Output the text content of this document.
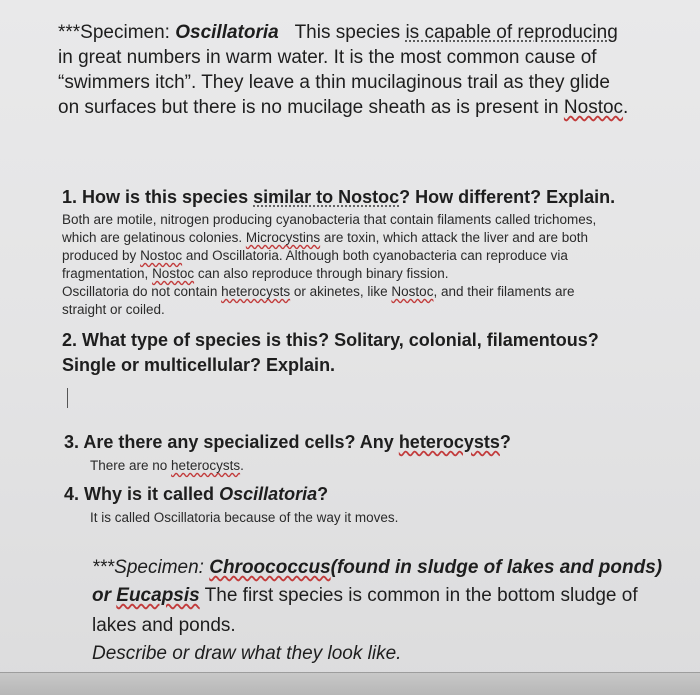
***Specimen: Oscillatoria This species is capable of reproducing
in great numbers in warm water. It is the most common cause of
“swimmers itch”. They leave a thin mucilaginous trail as they glide
on surfaces but there is no mucilage sheath as is present in Nostoc.
1. How is this species similar to Nostoc? How different? Explain.
Both are motile, nitrogen producing cyanobacteria that contain filaments called trichomes,
which are gelatinous colonies. Microcystins are toxin, which attack the liver and are both
produced by Nostoc and Oscillatoria. Although both cyanobacteria can reproduce via
fragmentation, Nostoc can also reproduce through binary fission.
Oscillatoria do not contain heterocysts or akinetes, like Nostoc, and their filaments are
straight or coiled.
2. What type of species is this? Solitary, colonial, filamentous?
Single or multicellular? Explain.
3. Are there any specialized cells? Any heterocysts?
There are no heterocysts.
4. Why is it called Oscillatoria?
It is called Oscillatoria because of the way it moves.
***Specimen: Chroococcus(found in sludge of lakes and ponds)
or Eucapsis The first species is common in the bottom sludge of
lakes and ponds.
Describe or draw what they look like.
